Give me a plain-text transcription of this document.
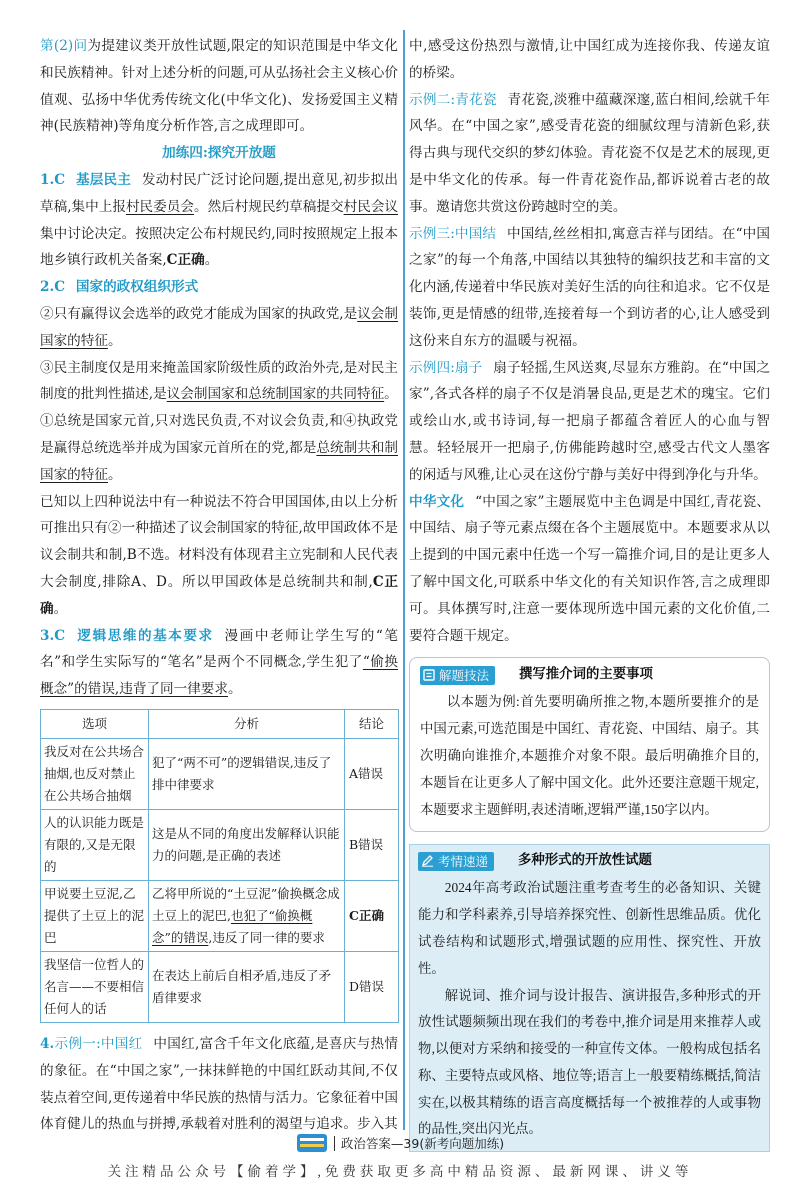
第(2)问为提建议类开放性试题,限定的知识范围是中华文化和民族精神。针对上述分析的问题,可从弘扬社会主义核心价值观、弘扬中华优秀传统文化(中华文化)、发扬爱国主义精神(民族精神)等角度分析作答,言之成理即可。

加练四:探究开放题

1.C 基层民主 发动村民广泛讨论问题,提出意见,初步拟出草稿,集中上报村民委员会。然后村规民约草稿提交村民会议集中讨论决定。按照决定公布村规民约,同时按照规定上报本地乡镇行政机关备案,C正确。

2.C 国家的政权组织形式

②只有赢得议会选举的政党才能成为国家的执政党,是议会制国家的特征。

③民主制度仅是用来掩盖国家阶级性质的政治外壳,是对民主制度的批判性描述,是议会制国家和总统制国家的共同特征。

①总统是国家元首,只对选民负责,不对议会负责,和④执政党是赢得总统选举并成为国家元首所在的党,都是总统制共和制国家的特征。

已知以上四种说法中有一种说法不符合甲国国体,由以上分析可推出只有②一种描述了议会制国家的特征,故甲国政体不是议会制共和制,B不选。材料没有体现君主立宪制和人民代表大会制度,排除A、D。所以甲国政体是总统制共和制,C正确。

3.C 逻辑思维的基本要求 漫画中老师让学生写的“笔名”和学生实际写的“笔名”是两个不同概念,学生犯了“偷换概念”的错误,违背了同一律要求。

选项	分析	结论
我反对在公共场合抽烟,也反对禁止在公共场合抽烟	犯了“两不可”的逻辑错误,违反了排中律要求	A错误
人的认识能力既是有限的,又是无限的	这是从不同的角度出发解释认识能力的问题,是正确的表述	B错误
甲说要土豆泥,乙提供了土豆上的泥巴	乙将甲所说的“土豆泥”偷换概念成土豆上的泥巴,也犯了“偷换概念”的错误,违反了同一律的要求	C正确
我坚信一位哲人的名言——不要相信任何人的话	在表达上前后自相矛盾,违反了矛盾律要求	D错误

4.示例一:中国红 中国红,富含千年文化底蕴,是喜庆与热情的象征。在“中国之家”,一抹抹鲜艳的中国红跃动其间,不仅装点着空间,更传递着中华民族的热情与活力。它象征着中国体育健儿的热血与拼搏,承载着对胜利的渴望与追求。步入其

中,感受这份热烈与激情,让中国红成为连接你我、传递友谊的桥梁。

示例二:青花瓷 青花瓷,淡雅中蕴藏深邃,蓝白相间,绘就千年风华。在“中国之家”,感受青花瓷的细腻纹理与清新色彩,获得古典与现代交织的梦幻体验。青花瓷不仅是艺术的展现,更是中华文化的传承。每一件青花瓷作品,都诉说着古老的故事。邀请您共赏这份跨越时空的美。

示例三:中国结 中国结,丝丝相扣,寓意吉祥与团结。在“中国之家”的每一个角落,中国结以其独特的编织技艺和丰富的文化内涵,传递着中华民族对美好生活的向往和追求。它不仅是装饰,更是情感的纽带,连接着每一个到访者的心,让人感受到这份来自东方的温暖与祝福。

示例四:扇子 扇子轻摇,生风送爽,尽显东方雅韵。在“中国之家”,各式各样的扇子不仅是消暑良品,更是艺术的瑰宝。它们或绘山水,或书诗词,每一把扇子都蕴含着匠人的心血与智慧。轻轻展开一把扇子,仿佛能跨越时空,感受古代文人墨客的闲适与风雅,让心灵在这份宁静与美好中得到净化与升华。

中华文化 “中国之家”主题展览中主色调是中国红,青花瓷、中国结、扇子等元素点缀在各个主题展览中。本题要求从以上提到的中国元素中任选一个写一篇推介词,目的是让更多人了解中国文化,可联系中华文化的有关知识作答,言之成理即可。具体撰写时,注意一要体现所选中国元素的文化价值,二要符合题干规定。

解题技法 撰写推介词的主要事项

以本题为例:首先要明确所推之物,本题所要推介的是中国元素,可选范围是中国红、青花瓷、中国结、扇子。其次明确向谁推介,本题推介对象不限。最后明确推介目的,本题旨在让更多人了解中国文化。此外还要注意题干规定,本题要求主题鲜明,表述清晰,逻辑严谨,150字以内。

考情速递 多种形式的开放性试题

2024年高考政治试题注重考查考生的必备知识、关键能力和学科素养,引导培养探究性、创新性思维品质。优化试卷结构和试题形式,增强试题的应用性、探究性、开放性。

解说词、推介词与设计报告、演讲报告,多种形式的开放性试题频频出现在我们的考卷中,推介词是用来推荐人或物,以便对方采纳和接受的一种宣传文体。一般构成包括名称、主要特点或风格、地位等;语言上一般要精练概括,简洁实在,以极其精练的语言高度概括每一个被推荐的人或事物的品性,突出闪光点。

政治答案—39 (新考向题加练)
关注精品公众号【偷着学】,免费获取更多高中精品资源、最新网课、讲义等
